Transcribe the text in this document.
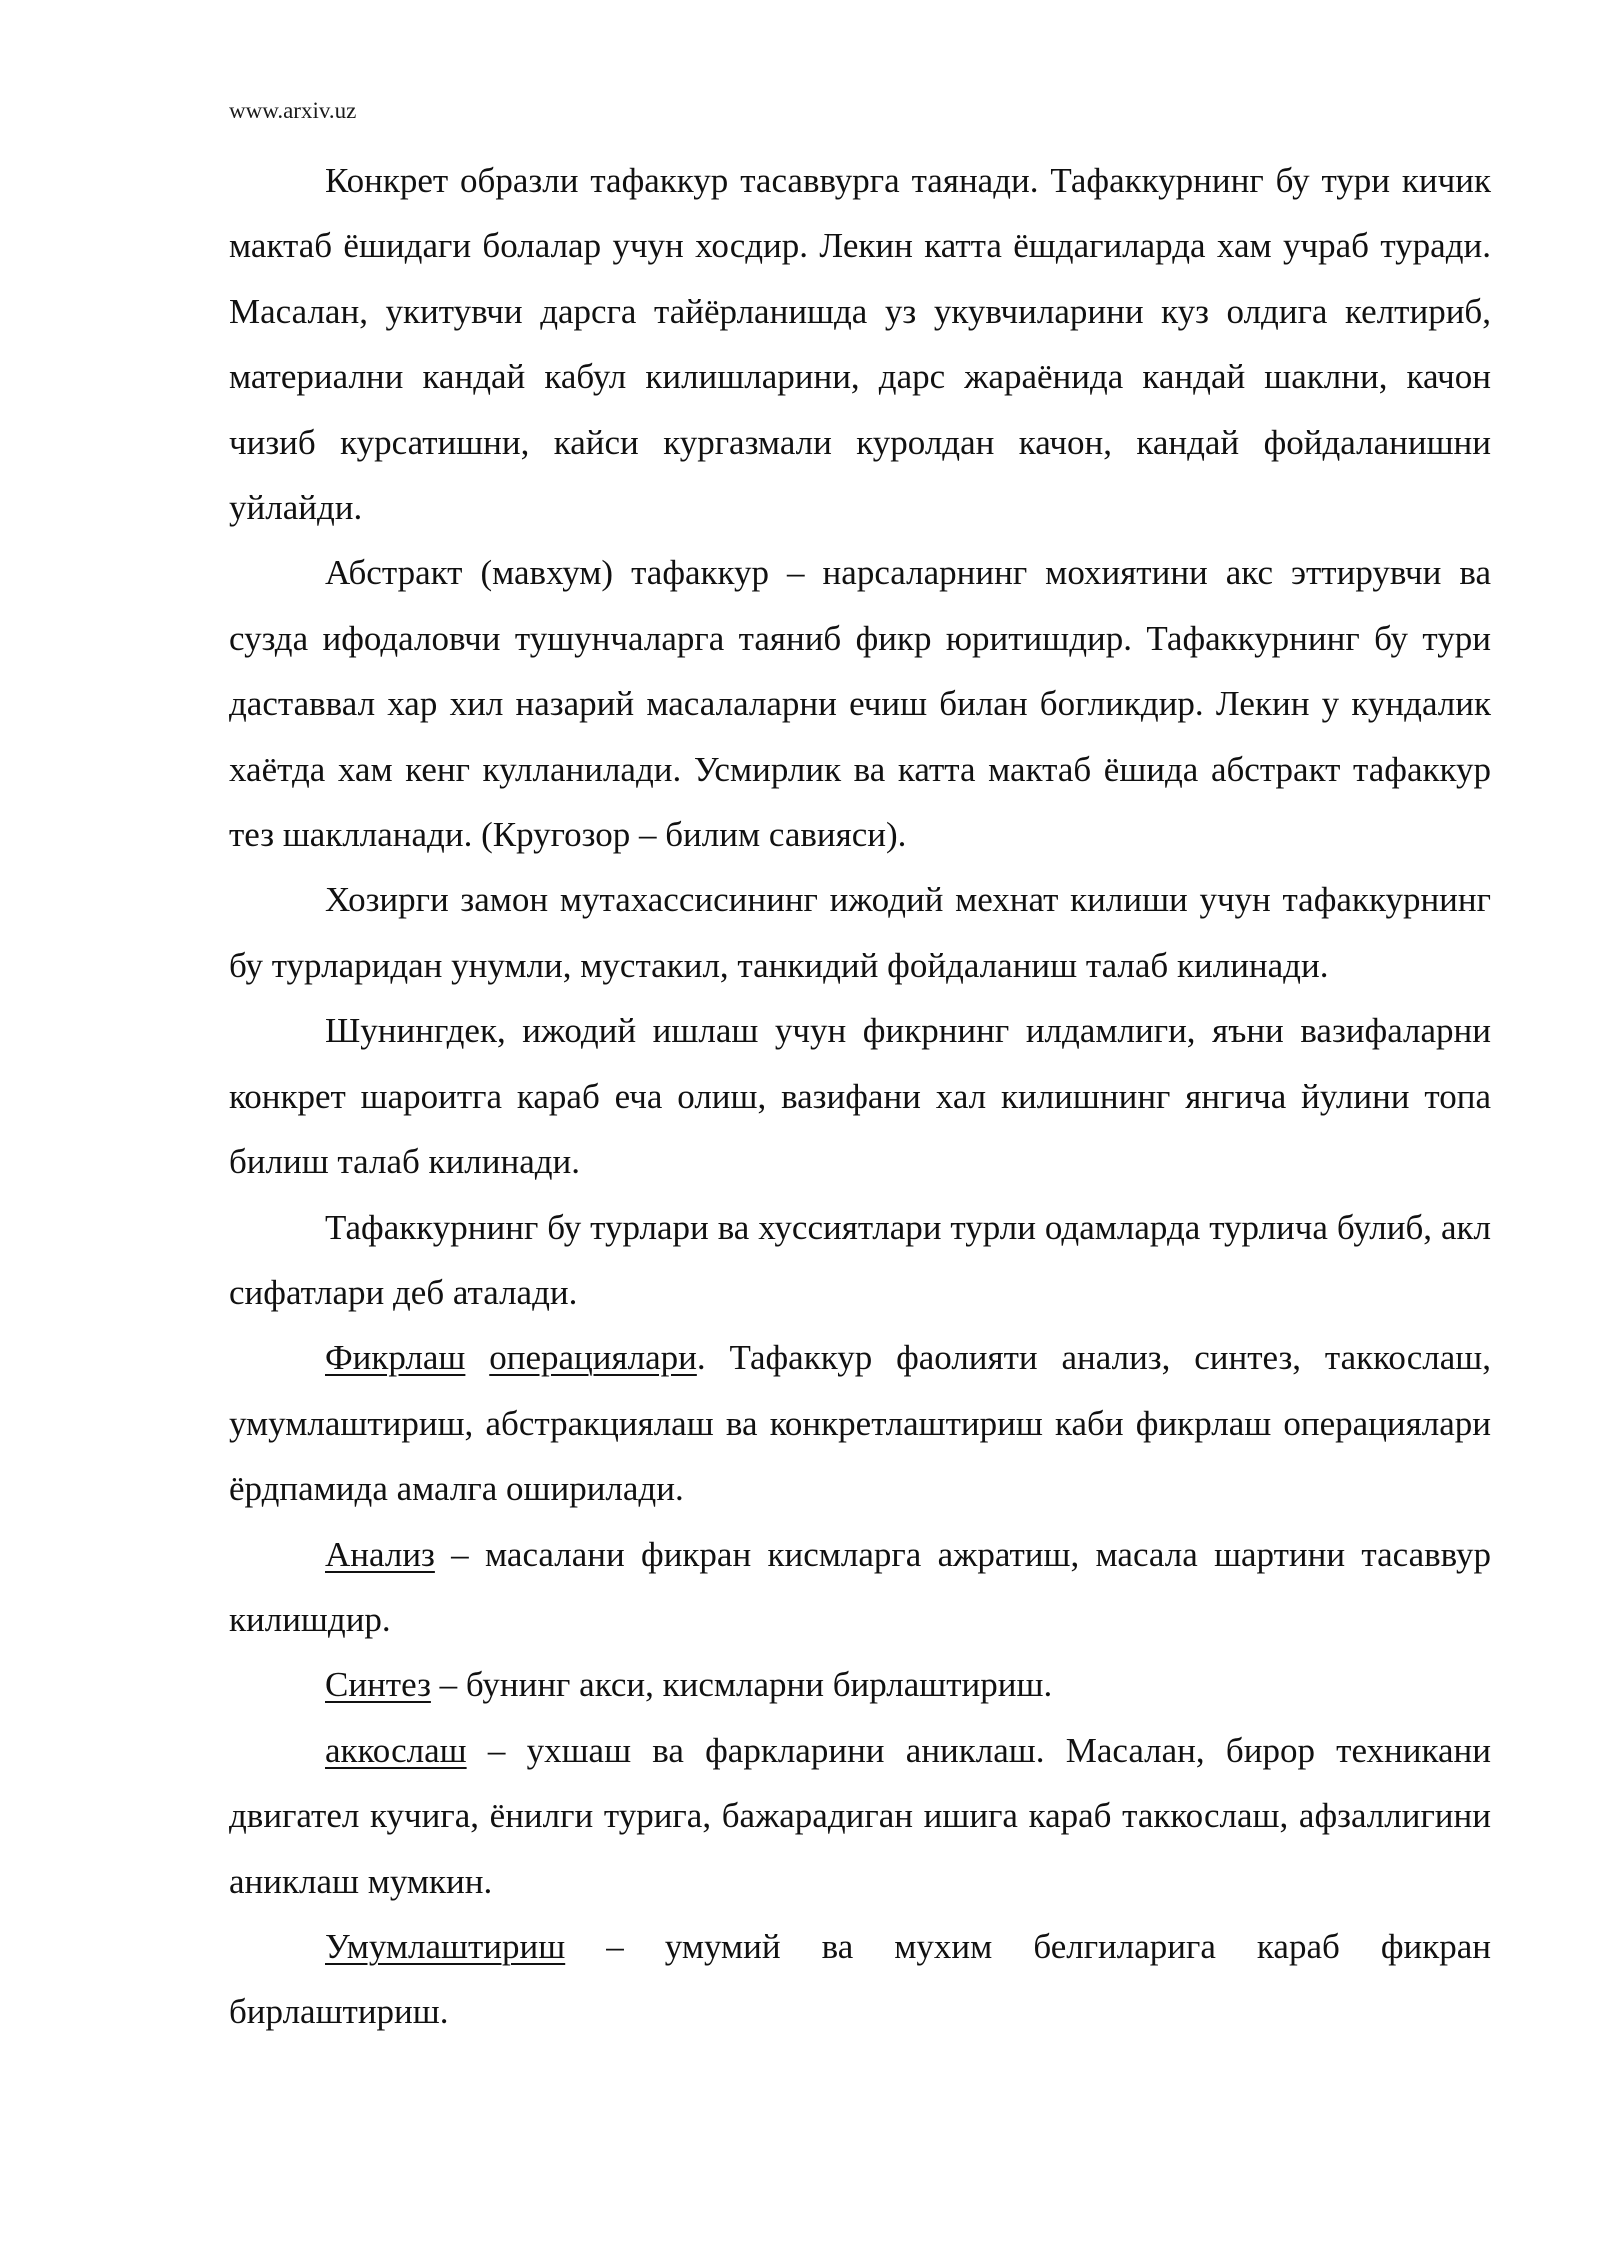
www.arxiv.uz

Конкрет образли тафаккур тасаввурга таянади. Тафаккурнинг бу тури кичик мактаб ёшидаги болалар учун хосдир. Лекин катта ёшдагиларда хам учраб туради. Масалан, укитувчи дарсга тайёрланишда уз укувчиларини куз олдига келтириб, материални кандай кабул килишларини, дарс жараёнида кандай шаклни, качон чизиб курсатишни, кайси кургазмали куролдан качон, кандай фойдаланишни уйлайди.

Абстракт (мавхум) тафаккур – нарсаларнинг мохиятини акс эттирувчи ва сузда ифодаловчи тушунчаларга таяниб фикр юритишдир. Тафаккурнинг бу тури даставвал хар хил назарий масалаларни ечиш билан богликдир. Лекин у кундалик хаётда хам кенг кулланилади. Усмирлик ва катта мактаб ёшида абстракт тафаккур тез шаклланади. (Кругозор – билим савияси).

Хозирги замон мутахассисининг ижодий мехнат килиши учун тафаккурнинг бу турларидан унумли, мустакил, танкидий фойдаланиш талаб килинади.

Шунингдек, ижодий ишлаш учун фикрнинг илдамлиги, яъни вазифаларни конкрет шароитга караб еча олиш, вазифани хал килишнинг янгича йулини топа билиш талаб килинади.

Тафаккурнинг бу турлари ва хуссиятлари турли одамларда турлича булиб, акл сифатлари деб аталади.

Фикрлаш операциялари. Тафаккур фаолияти анализ, синтез, таккослаш, умумлаштириш, абстракциялаш ва конкретлаштириш каби фикрлаш операциялари ёрдпамида амалга оширилади.

Анализ – масалани фикран кисмларга ажратиш, масала шартини тасаввур килишдир.

Синтез – бунинг акси, кисмларни бирлаштириш.

аккослаш – ухшаш ва фаркларини аниклаш. Масалан, бирор техникани двигател кучига, ёнилги турига, бажарадиган ишига караб таккослаш, афзаллигини аниклаш мумкин.

Умумлаштириш – умумий ва мухим белгиларига караб фикран бирлаштириш.
